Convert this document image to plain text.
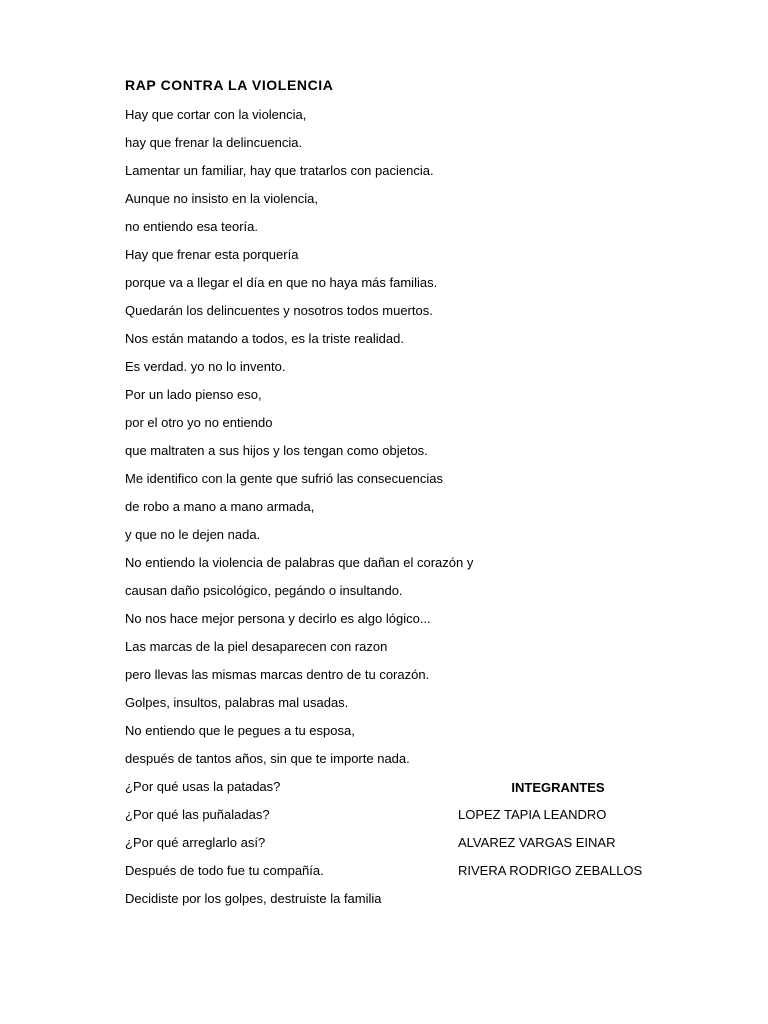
RAP CONTRA LA VIOLENCIA
Hay que cortar con la violencia,
hay que frenar la delincuencia.
Lamentar un familiar, hay que tratarlos con paciencia.
Aunque no insisto en la violencia,
no entiendo esa teoría.
Hay que frenar esta porquería
porque va a llegar el día en que no haya más familias.
Quedarán los delincuentes y nosotros todos muertos.
Nos están matando a todos, es la triste realidad.
Es verdad. yo no lo invento.
Por un lado pienso eso,
por el otro yo no entiendo
que maltraten a sus hijos y los tengan como objetos.
Me identifico con la gente que sufrió las consecuencias
de robo a mano a mano armada,
y que no le dejen nada.
No entiendo la violencia de palabras que dañan el corazón y
causan daño psicológico, pegándo o insultando.
No nos hace mejor persona y decirlo es algo lógico...
Las marcas de la piel desaparecen con razon
pero llevas las mismas marcas dentro de tu corazón.
Golpes, insultos, palabras mal usadas.
No entiendo que le pegues a tu esposa,
después de tantos años, sin que te importe nada.
¿Por qué usas la patadas?
¿Por qué las puñaladas?
¿Por qué arreglarlo así?
Después de todo fue tu compañía.
Decidiste por los golpes, destruiste la familia
INTEGRANTES
LOPEZ TAPIA LEANDRO
ALVAREZ VARGAS EINAR
RIVERA RODRIGO ZEBALLOS
